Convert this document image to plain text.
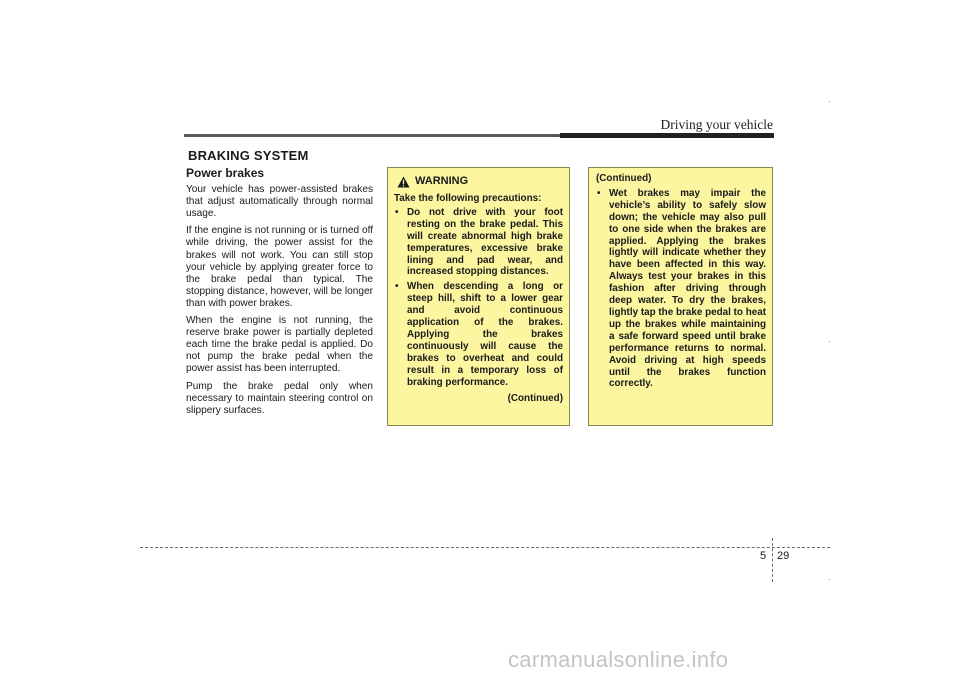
Driving your vehicle
BRAKING SYSTEM
Power brakes

Your vehicle has power-assisted brakes that adjust automatically through normal usage.

If the engine is not running or is turned off while driving, the power assist for the brakes will not work. You can still stop your vehicle by applying greater force to the brake pedal than typical. The stopping distance, however, will be longer than with power brakes.

When the engine is not running, the reserve brake power is partially depleted each time the brake pedal is applied. Do not pump the brake pedal when the power assist has been interrupted.

Pump the brake pedal only when necessary to maintain steering control on slippery surfaces.

WARNING

Take the following precautions:

• Do not drive with your foot resting on the brake pedal. This will create abnormal high brake temperatures, excessive brake lining and pad wear, and increased stopping distances.
• When descending a long or steep hill, shift to a lower gear and avoid continuous application of the brakes. Applying the brakes continuously will cause the brakes to overheat and could result in a temporary loss of braking performance.
(Continued)

(Continued)

• Wet brakes may impair the vehicle’s ability to safely slow down; the vehicle may also pull to one side when the brakes are applied. Applying the brakes lightly will indicate whether they have been affected in this way. Always test your brakes in this fashion after driving through deep water. To dry the brakes, lightly tap the brake pedal to heat up the brakes while maintaining a safe forward speed until brake performance returns to normal. Avoid driving at high speeds until the brakes function correctly.
5 29
carmanualsonline.info
